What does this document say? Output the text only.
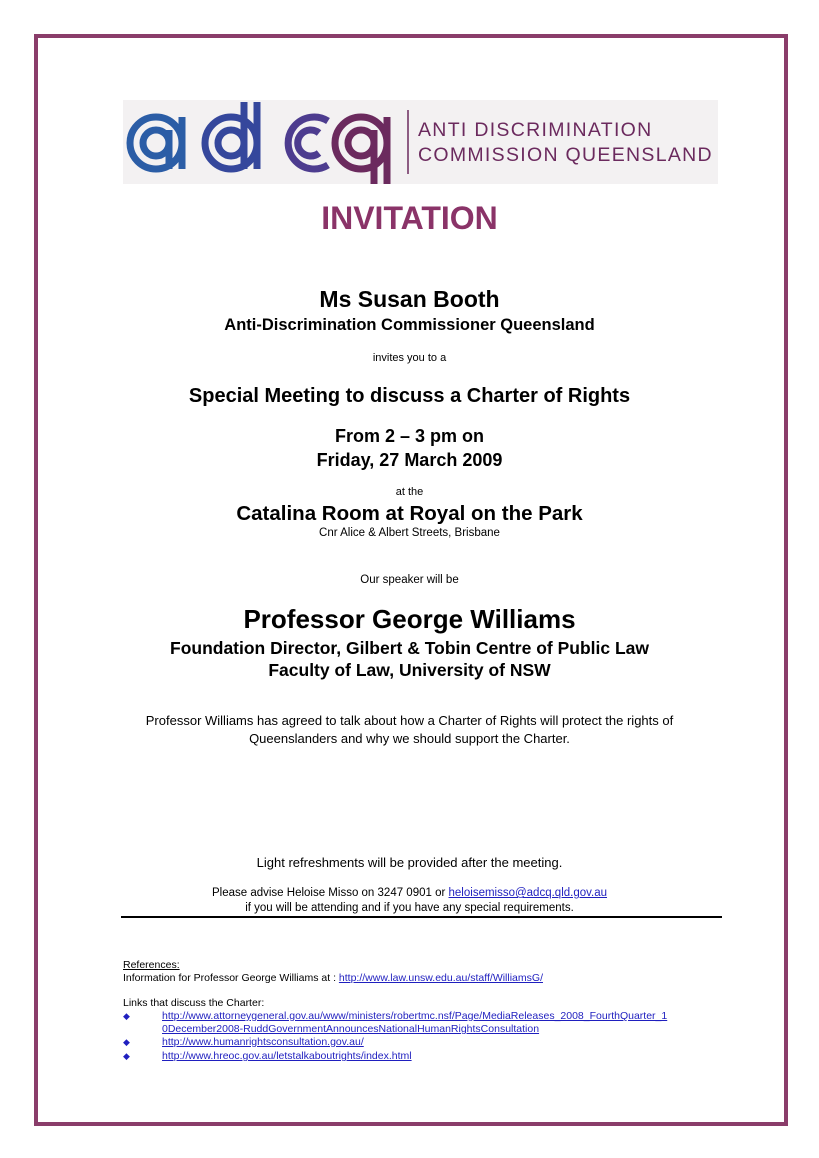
ANTI DISCRIMINATION
COMMISSION QUEENSLAND
INVITATION
Ms Susan Booth
Anti-Discrimination Commissioner Queensland
invites you to a
Special Meeting to discuss a Charter of Rights
From 2 – 3 pm on
Friday, 27 March 2009
at the
Catalina Room at Royal on the Park
Cnr Alice & Albert Streets, Brisbane
Our speaker will be
Professor George Williams
Foundation Director, Gilbert & Tobin Centre of Public Law
Faculty of Law, University of NSW
Professor Williams has agreed to talk about how a Charter of Rights will protect the rights of
Queenslanders and why we should support the Charter.
Light refreshments will be provided after the meeting.
Please advise Heloise Misso on 3247 0901 or heloisemisso@adcq.qld.gov.au
if you will be attending and if you have any special requirements.
References:
Information for Professor George Williams at : http://www.law.unsw.edu.au/staff/WilliamsG/
Links that discuss the Charter:
◆	http://www.attorneygeneral.gov.au/www/ministers/robertmc.nsf/Page/MediaReleases_2008_FourthQuarter_1
0December2008-RuddGovernmentAnnouncesNationalHumanRightsConsultation
◆	http://www.humanrightsconsultation.gov.au/
◆	http://www.hreoc.gov.au/letstalkaboutrights/index.html
